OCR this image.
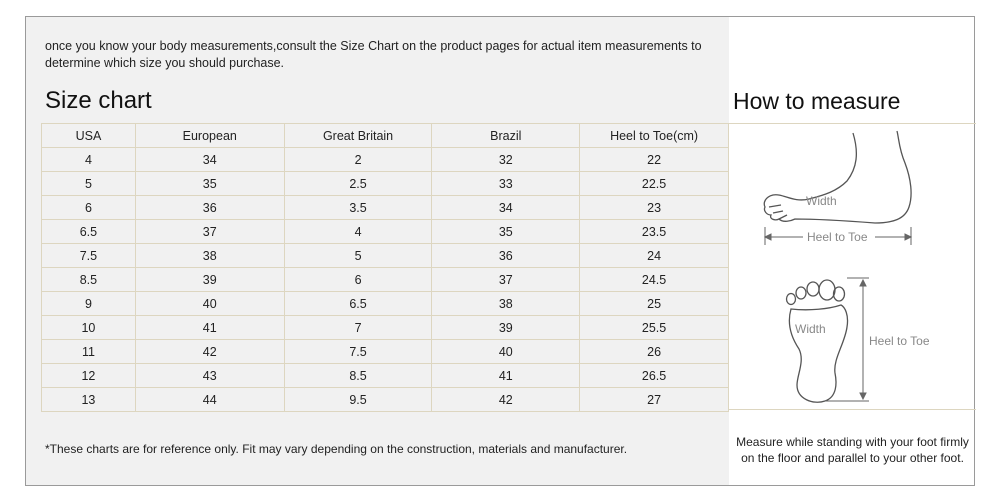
once you know your body measurements,consult the Size Chart on the product pages for actual item measurements to
determine which size you should purchase.
Size chart	How to measure
USA	European	Great Britain	Brazil	Heel to Toe(cm)
4	34	2	32	22
5	35	2.5	33	22.5
6	36	3.5	34	23
6.5	37	4	35	23.5
7.5	38	5	36	24
8.5	39	6	37	24.5
9	40	6.5	38	25
10	41	7	39	25.5
11	42	7.5	40	26
12	43	8.5	41	26.5
13	44	9.5	42	27
Width
Heel to Toe
Width
Heel to Toe
*These charts are for reference only. Fit may vary depending on the construction, materials and manufacturer.	Measure while standing with your foot firmly
on the floor and parallel to your other foot.
